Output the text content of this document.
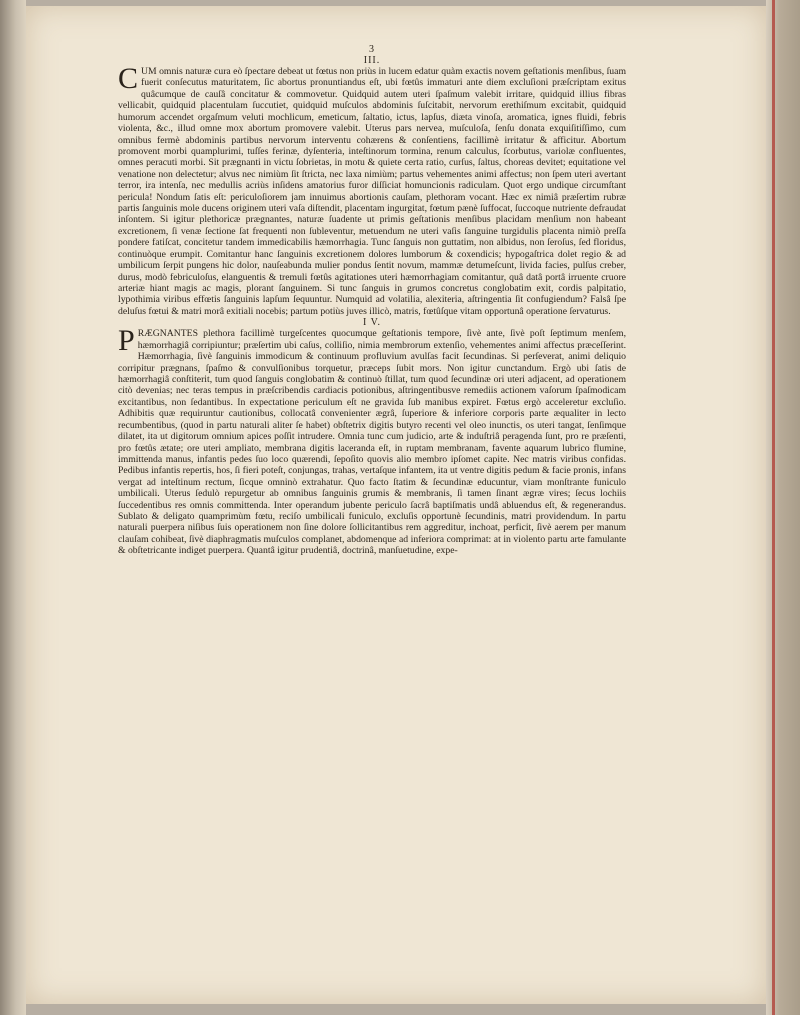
3
III.

CUM omnis naturæ cura eò ſpectare debeat ut fœtus non priùs in lucem edatur quàm exactis novem geſtationis menſibus, ſuam fuerit conſecutus maturitatem, ſic abortus pronuntiandus eſt, ubi fœtûs immaturi ante diem excluſioni præſcriptam exitus quâcumque de cauſâ concitatur & commovetur. Quidquid autem uteri ſpaſmum valebit irritare, quidquid illius fibras vellicabit, quidquid placentulam ſuccutiet, quidquid muſculos abdominis ſuſcitabit, nervorum erethiſmum excitabit, quidquid humorum accendet orgaſmum veluti mochlicum, emeticum, ſaltatio, ictus, lapſus, diæta vinoſa, aromatica, ignes fluidi, febris violenta, &c., illud omne mox abortum promovere valebit. Uterus pars nervea, muſculoſa, ſenſu donata exquiſitiſſimo, cum omnibus fermè abdominis partibus nervorum interventu cohærens & conſentiens, facillimè irritatur & afficitur. Abortum promovent morbi quamplurimi, tuſſes ferinæ, dyſenteria, inteſtinorum tormina, renum calculus, ſcorbutus, variolæ confluentes, omnes peracuti morbi. Sit prægnanti in victu ſobrietas, in motu & quiete certa ratio, curſus, ſaltus, choreas devitet; equitatione vel venatione non delectetur; alvus nec nimiùm ſit ſtricta, nec laxa nimiùm; partus vehementes animi affectus; non ſpem uteri avertant terror, ira intenſa, nec medullis acriùs inſidens amatorius furor diſſiciat homuncionis radiculam. Quot ergo undique circumſtant pericula! Nondum ſatis eſt: periculoſiorem jam innuimus abortionis cauſam, plethoram vocant. Hæc ex nimiâ præſertim rubræ partis ſanguinis mole ducens originem uteri vaſa diſtendit, placentam ingurgitat, fœtum pænè ſuffocat, ſuccoque nutriente defraudat inſontem. Si igitur plethoricæ prægnantes, naturæ ſuadente ut primis geſtationis menſibus placidam menſium non habeant excretionem, ſi venæ ſectione ſat frequenti non ſubleventur, metuendum ne uteri vaſis ſanguine turgidulis placenta nimiò preſſa pondere fatiſcat, concitetur tandem immedicabilis hæmorrhagia. Tunc ſanguis non guttatim, non albidus, non ſeroſus, ſed floridus, continuòque erumpit. Comitantur hanc ſanguinis excretionem dolores lumborum & coxendicis; hypogaſtrica dolet regio & ad umbilicum ſerpit pungens hic dolor, nauſeabunda mulier pondus ſentit novum, mammæ detumeſcunt, livida facies, pulſus creber, durus, modò febriculoſus, elanguentis & tremuli fœtûs agitationes uteri hæmorrhagiam comitantur, quâ datâ portâ irruente cruore arteriæ hiant magis ac magis, plorant ſanguinem. Si tunc ſanguis in grumos concretus conglobatim exit, cordis palpitatio, lypothimia viribus effœtis ſanguinis lapſum ſequuntur. Numquid ad volatilia, alexiteria, aſtringentia ſit confugiendum? Falsâ ſpe deluſus fœtui & matri morâ exitiali nocebis; partum potiùs juves illicò, matris, fœtûſque vitam opportunâ operatione ſervaturus.

I V.

PRÆGNANTES plethora facillimè turgeſcentes quocumque geſtationis tempore, ſivè ante, ſivè poſt ſeptimum menſem, hæmorrhagiâ corripiuntur; præſertim ubi caſus, colliſio, nimia membrorum extenſio, vehementes animi affectus præceſſerint. Hæmorrhagia, ſivè ſanguinis immodicum & continuum profluvium avulſas facit ſecundinas. Si perſeverat, animi deliquio corripitur prægnans, ſpaſmo & convulſionibus torquetur, præceps ſubit mors. Non igitur cunctandum. Ergò ubi ſatis de hæmorrhagiâ conſtiterit, tum quod ſanguis conglobatim & continuò ſtillat, tum quod ſecundinæ ori uteri adjacent, ad operationem citò devenias; nec teras tempus in præſcribendis cardiacis potionibus, aſtringentibusve remediis actionem vaſorum ſpaſmodicam excitantibus, non ſedantibus. In expectatione periculum eſt ne gravida ſub manibus expiret. Fœtus ergò acceleretur excluſio. Adhibitis quæ requiruntur cautionibus, collocatâ convenienter ægrâ, ſuperiore & inferiore corporis parte æqualiter in lecto recumbentibus, (quod in partu naturali aliter ſe habet) obſtetrix digitis butyro recenti vel oleo inunctis, os uteri tangat, ſenſimque dilatet, ita ut digitorum omnium apices poſſit intrudere. Omnia tunc cum judicio, arte & induſtriâ peragenda ſunt, pro re præſenti, pro fœtûs ætate; ore uteri ampliato, membrana digitis laceranda eſt, in ruptam membranam, favente aquarum lubrico flumine, immittenda manus, infantis pedes ſuo loco quærendi, ſepoſito quovis alio membro ipſomet capite. Nec matris viribus confidas. Pedibus infantis repertis, hos, ſi fieri poteſt, conjungas, trahas, vertaſque infantem, ita ut ventre digitis pedum & facie pronis, infans vergat ad inteſtinum rectum, ſicque omninò extrahatur. Quo facto ſtatim & ſecundinæ educuntur, viam monſtrante funiculo umbilicali. Uterus ſedulò repurgetur ab omnibus ſanguinis grumis & membranis, ſi tamen ſinant ægræ vires; ſecus lochiis ſuccedentibus res omnis committenda. Inter operandum jubente periculo ſacrâ baptiſmatis undâ abluendus eſt, & regenerandus. Sublato & deligato quamprimùm fœtu, reciſo umbilicali funiculo, excluſis opportunè ſecundinis, matri providendum. In partu naturali puerpera niſibus ſuis operationem non ſine dolore ſollicitantibus rem aggreditur, inchoat, perficit, ſivè aerem per manum clauſam cohibeat, ſivè diaphragmatis muſculos complanet, abdomenque ad inferiora comprimat: at in violento partu arte famulante & obſtetricante indiget puerpera. Quantâ igitur prudentiâ, doctrinâ, manſuetudine, expe-
